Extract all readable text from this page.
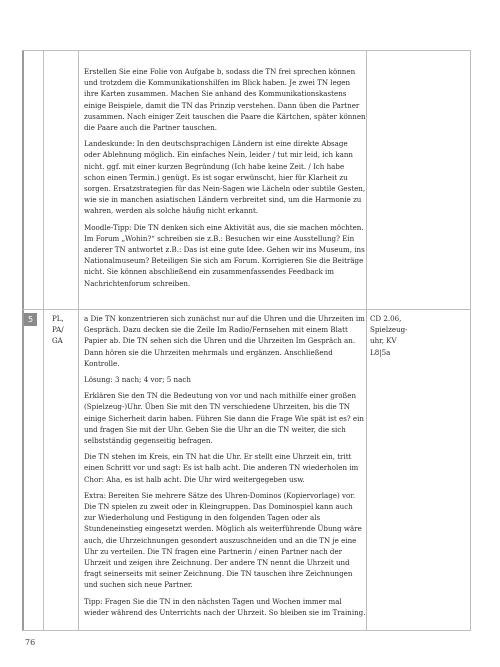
Erstellen Sie eine Folie von Aufgabe b, sodass die TN frei sprechen können und trotzdem die Kommunikationshilfen im Blick haben. Je zwei TN legen ihre Karten zusammen. Machen Sie anhand des Kommunikationskastens einige Beispiele, damit die TN das Prinzip verstehen. Dann üben die Partner zusammen. Nach einiger Zeit tauschen die Paare die Kärtchen, später können die Paare auch die Partner tauschen.

Landeskunde: In den deutschsprachigen Ländern ist eine direkte Absage oder Ablehnung möglich. Ein einfaches Nein, leider / tut mir leid, ich kann nicht. ggf. mit einer kurzen Begründung (Ich habe keine Zeit. / Ich habe schon einen Termin.) genügt. Es ist sogar erwünscht, hier für Klarheit zu sorgen. Ersatzstrategien für das Nein-Sagen wie Lächeln oder subtile Gesten, wie sie in manchen asiatischen Ländern verbreitet sind, um die Harmonie zu wahren, werden als solche häufig nicht erkannt.

Moodle-Tipp: Die TN denken sich eine Aktivität aus, die sie machen möchten. Im Forum „Wohin?“ schreiben sie z.B.: Besuchen wir eine Ausstellung? Ein anderer TN antwortet z.B.: Das ist eine gute Idee. Gehen wir ins Museum, ins Nationalmuseum? Beteiligen Sie sich am Forum. Korrigieren Sie die Beiträge nicht. Sie können abschließend ein zusammenfassendes Feedback im Nachrichtenforum schreiben.

5	PL,
PA/
GA

a Die TN konzentrieren sich zunächst nur auf die Uhren und die Uhrzeiten im Gespräch. Dazu decken sie die Zeile Im Radio/Fernsehen mit einem Blatt Papier ab. Die TN sehen sich die Uhren und die Uhrzeiten Im Gespräch an. Dann hören sie die Uhrzeiten mehrmals und ergänzen. Anschließend Kontrolle.

Lösung: 3 nach; 4 vor; 5 nach

Erklären Sie den TN die Bedeutung von vor und nach mithilfe einer großen (Spielzeug-)Uhr. Üben Sie mit den TN verschiedene Uhrzeiten, bis die TN einige Sicherheit darin haben. Führen Sie dann die Frage Wie spät ist es? ein und fragen Sie mit der Uhr. Geben Sie die Uhr an die TN weiter, die sich selbstständig gegenseitig befragen.

Die TN stehen im Kreis, ein TN hat die Uhr. Er stellt eine Uhrzeit ein, tritt einen Schritt vor und sagt: Es ist halb acht. Die anderen TN wiederholen im Chor: Aha, es ist halb acht. Die Uhr wird weitergegeben usw.

Extra: Bereiten Sie mehrere Sätze des Uhren-Dominos (Kopiervorlage) vor. Die TN spielen zu zweit oder in Kleingruppen. Das Dominospiel kann auch zur Wiederholung und Festigung in den folgenden Tagen oder als Stundeneinstieg eingesetzt werden. Möglich als weiterführende Übung wäre auch, die Uhrzeichnungen gesondert auszuschneiden und an die TN je eine Uhr zu verteilen. Die TN fragen eine Partnerin / einen Partner nach der Uhrzeit und zeigen ihre Zeichnung. Der andere TN nennt die Uhrzeit und fragt seinerseits mit seiner Zeichnung. Die TN tauschen ihre Zeichnungen und suchen sich neue Partner.

Tipp: Fragen Sie die TN in den nächsten Tagen und Wochen immer mal wieder während des Unterrichts nach der Uhrzeit. So bleiben sie im Training.

CD 2.06,
Spielzeug-
uhr, KV
L8|5a
76
